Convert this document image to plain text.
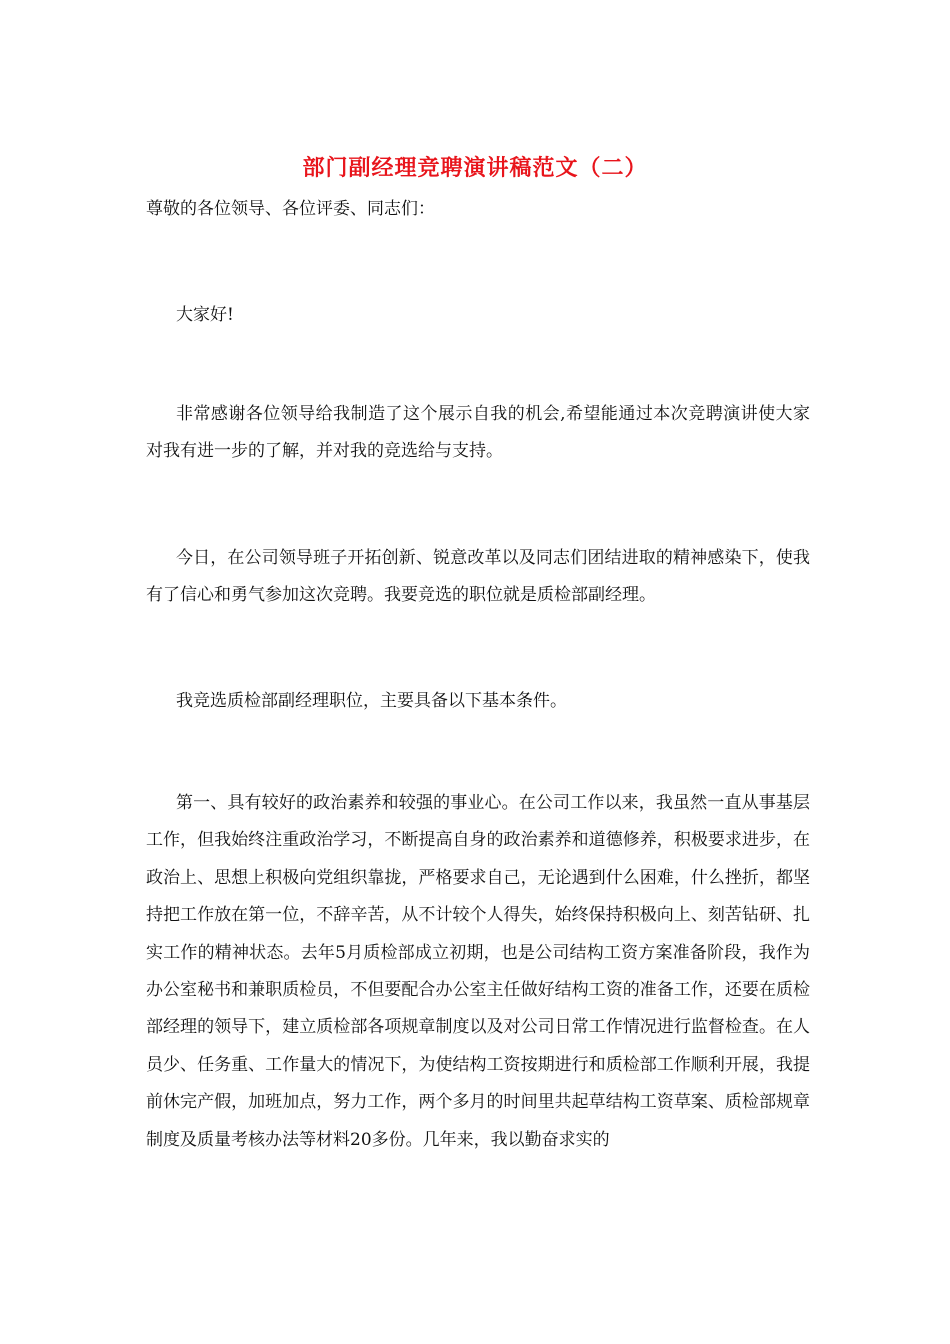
部门副经理竞聘演讲稿范文（二）

尊敬的各位领导、各位评委、同志们：

大家好!

非常感谢各位领导给我制造了这个展示自我的机会,希望能通过本次竞聘演讲使大家对我有进一步的了解，并对我的竞选给与支持。

今日，在公司领导班子开拓创新、锐意改革以及同志们团结进取的精神感染下，使我有了信心和勇气参加这次竞聘。我要竞选的职位就是质检部副经理。

我竞选质检部副经理职位，主要具备以下基本条件。

第一、具有较好的政治素养和较强的事业心。在公司工作以来，我虽然一直从事基层工作，但我始终注重政治学习，不断提高自身的政治素养和道德修养，积极要求进步，在政治上、思想上积极向党组织靠拢，严格要求自己，无论遇到什么困难，什么挫折，都坚持把工作放在第一位，不辞辛苦，从不计较个人得失，始终保持积极向上、刻苦钻研、扎实工作的精神状态。去年5月质检部成立初期，也是公司结构工资方案准备阶段，我作为办公室秘书和兼职质检员，不但要配合办公室主任做好结构工资的准备工作，还要在质检部经理的领导下，建立质检部各项规章制度以及对公司日常工作情况进行监督检查。在人员少、任务重、工作量大的情况下，为使结构工资按期进行和质检部工作顺利开展，我提前休完产假，加班加点，努力工作，两个多月的时间里共起草结构工资草案、质检部规章制度及质量考核办法等材料20多份。几年来，我以勤奋求实的
